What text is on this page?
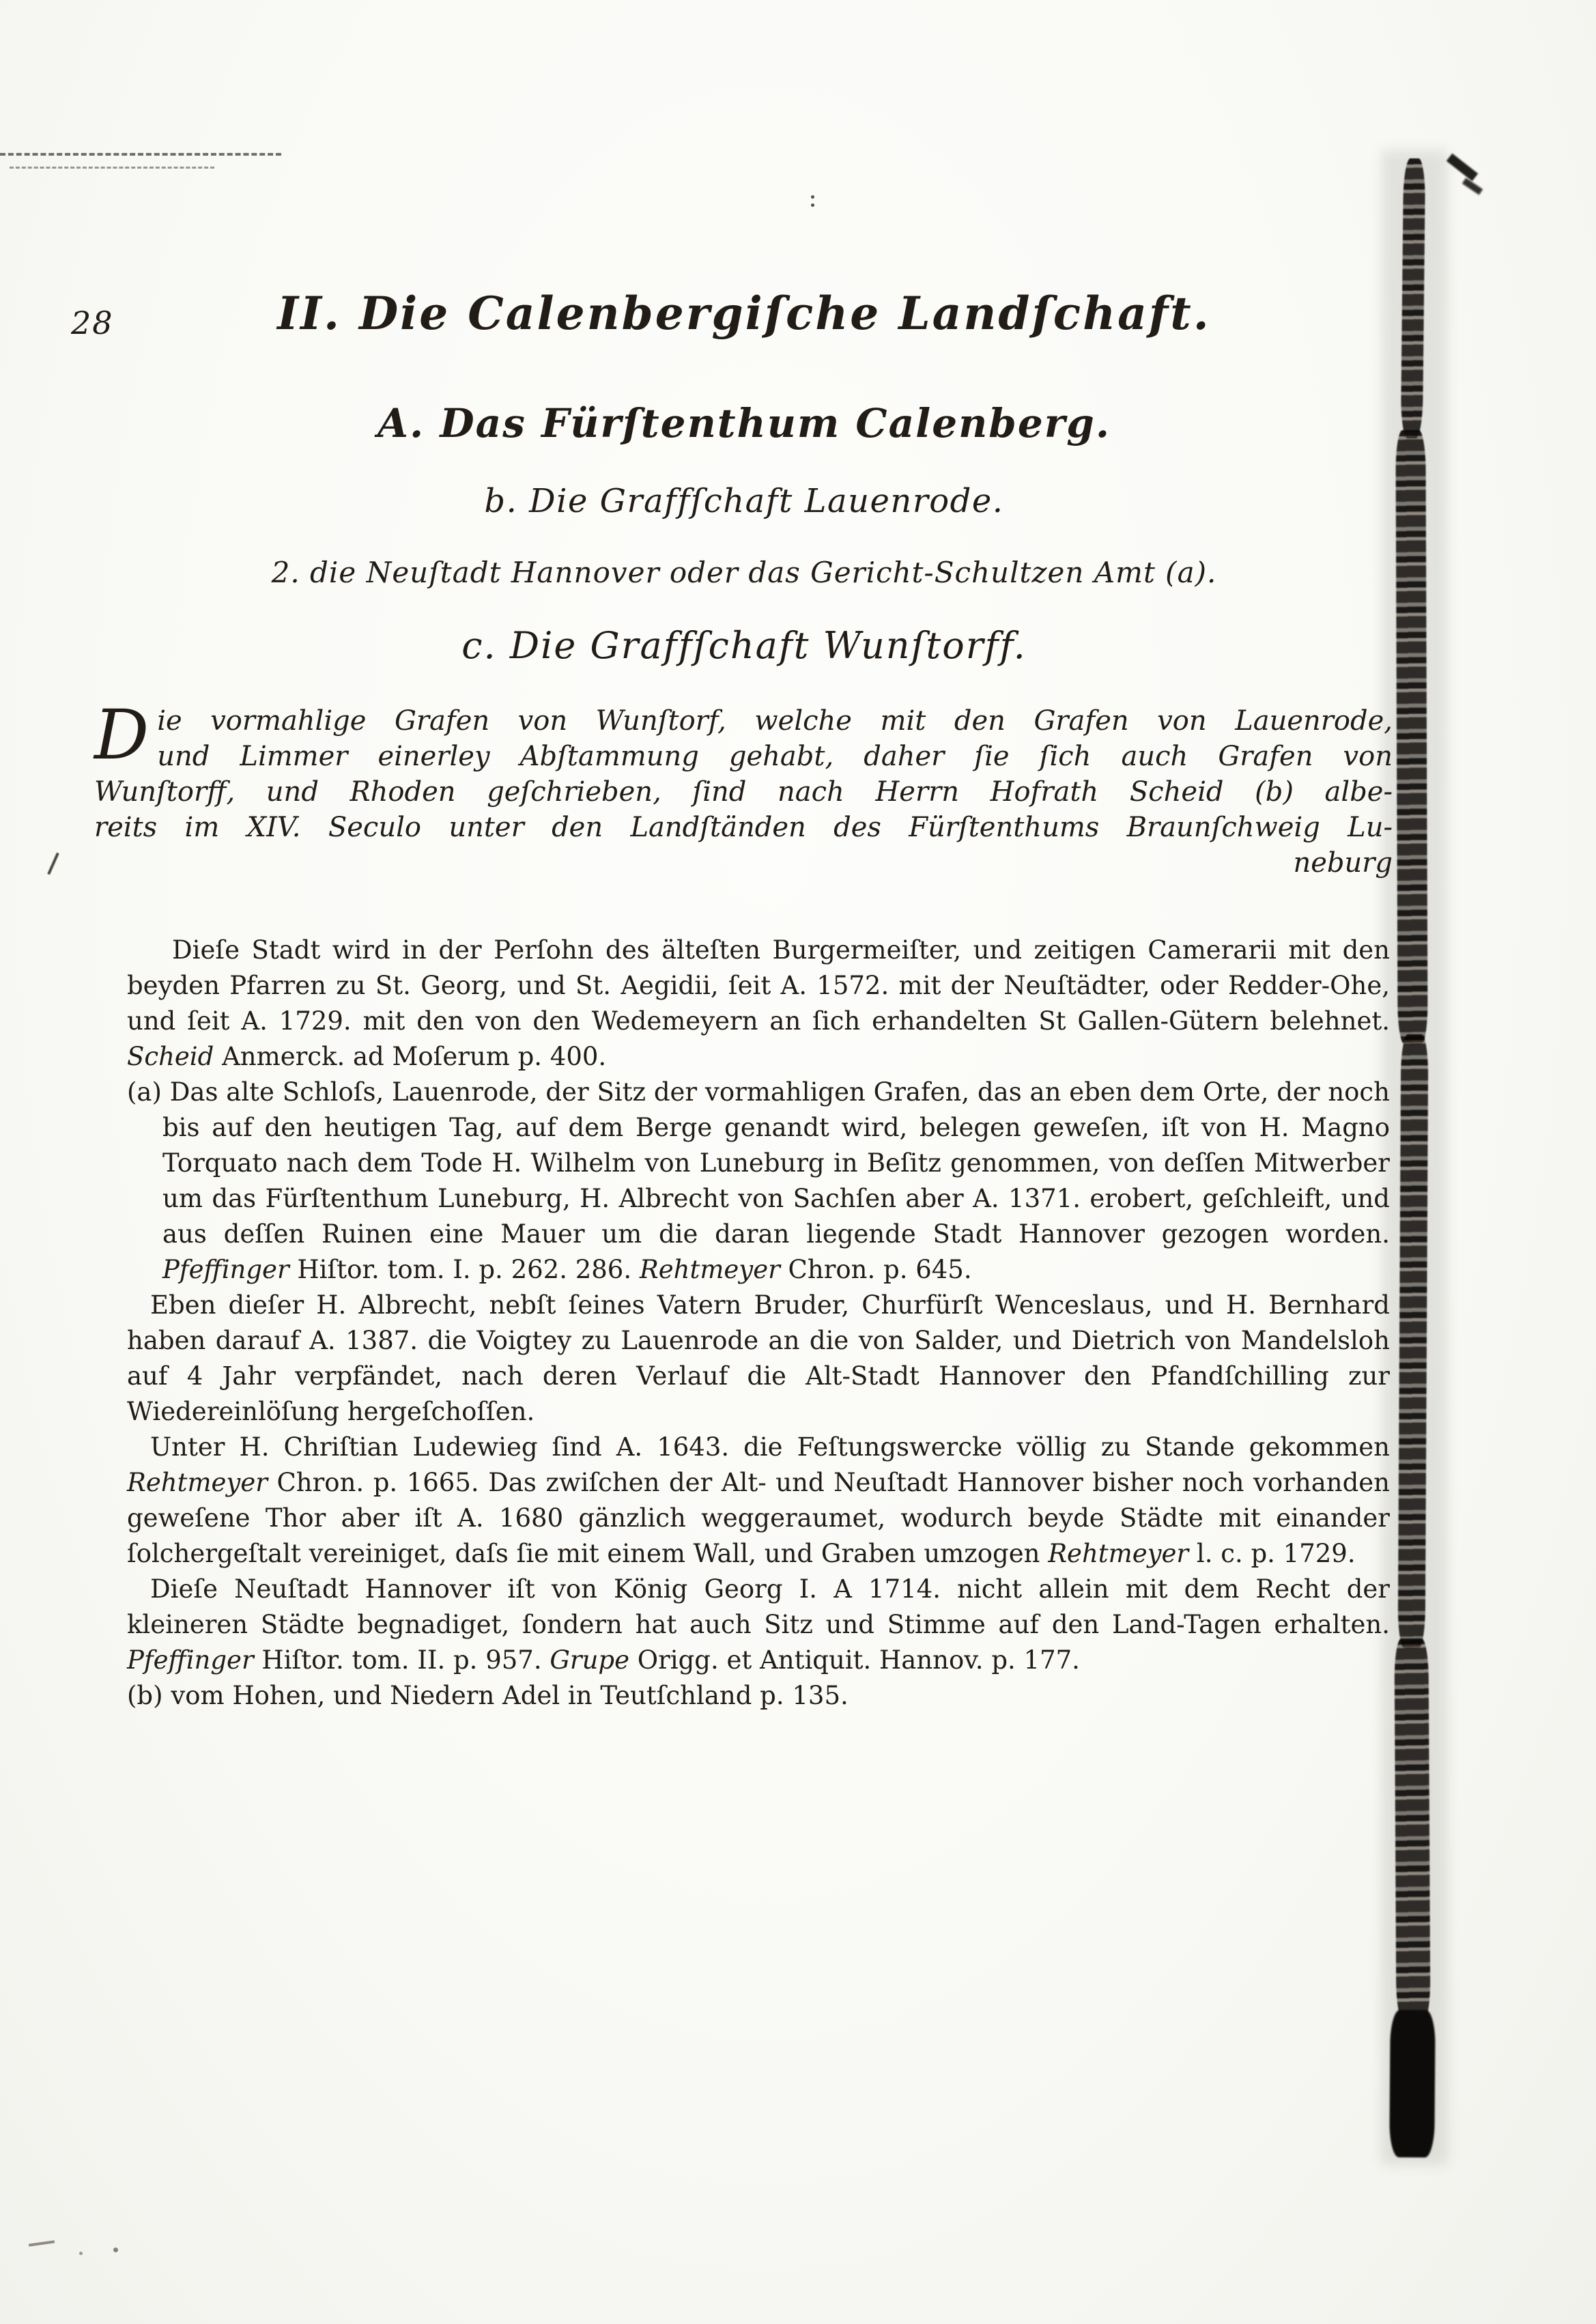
28	II. Die Calenbergiſche Landſchaft.
A. Das Fürſtenthum Calenberg.
b. Die Graffſchaft Lauenrode.
2. die Neuſtadt Hannover oder das Gericht-Schultzen Amt (a).
c. Die Graffſchaft Wunſtorff.
D ie vormahlige Grafen von Wunſtorf, welche mit den Grafen von Lauenrode,
und Limmer einerley Abſtammung gehabt, daher ſie ſich auch Grafen von
Wunſtorff, und Rhoden geſchrieben, ſind nach Herrn Hofrath Scheid (b) albe-
reits im XIV. Seculo unter den Landſtänden des Fürſtenthums Braunſchweig Lu-
neburg

Dieſe Stadt wird in der Perſohn des älteſten Burgermeiſter, und zeitigen Camerarii mit den beyden Pfarren zu St. Georg, und St. Aegidii, ſeit A. 1572. mit der Neuſtädter, oder Redder-Ohe, und ſeit A. 1729. mit den von den Wedemeyern an ſich erhandelten St Gallen-Gütern belehnet. Scheid Anmerck. ad Moſerum p. 400.

(a) Das alte Schloſs, Lauenrode, der Sitz der vormahligen Grafen, das an eben dem Orte, der noch bis auf den heutigen Tag, auf dem Berge genandt wird, belegen geweſen, iſt von H. Magno Torquato nach dem Tode H. Wilhelm von Luneburg in Beſitz genommen, von deſſen Mitwerber um das Fürſtenthum Luneburg, H. Albrecht von Sachſen aber A. 1371. erobert, geſchleift, und aus deſſen Ruinen eine Mauer um die daran liegende Stadt Hannover gezogen worden. Pfeffinger Hiſtor. tom. I. p. 262. 286. Rehtmeyer Chron. p. 645.

Eben dieſer H. Albrecht, nebſt ſeines Vatern Bruder, Churfürſt Wenceslaus, und H. Bernhard haben darauf A. 1387. die Voigtey zu Lauenrode an die von Salder, und Dietrich von Mandelsloh auf 4 Jahr verpfändet, nach deren Verlauf die Alt-Stadt Hannover den Pfandſchilling zur Wiedereinlöſung hergeſchoſſen.

Unter H. Chriſtian Ludewieg ſind A. 1643. die Feſtungswercke völlig zu Stande gekommen Rehtmeyer Chron. p. 1665. Das zwiſchen der Alt- und Neuſtadt Hannover bisher noch vorhanden geweſene Thor aber iſt A. 1680 gänzlich weggeraumet, wodurch beyde Städte mit einander ſolchergeſtalt vereiniget, daſs ſie mit einem Wall, und Graben umzogen Rehtmeyer l. c. p. 1729.

Dieſe Neuſtadt Hannover iſt von König Georg I. A 1714. nicht allein mit dem Recht der kleineren Städte begnadiget, ſondern hat auch Sitz und Stimme auf den Land-Tagen erhalten. Pfeffinger Hiſtor. tom. II. p. 957. Grupe Origg. et Antiquit. Hannov. p. 177.

(b) vom Hohen, und Niedern Adel in Teutſchland p. 135.
